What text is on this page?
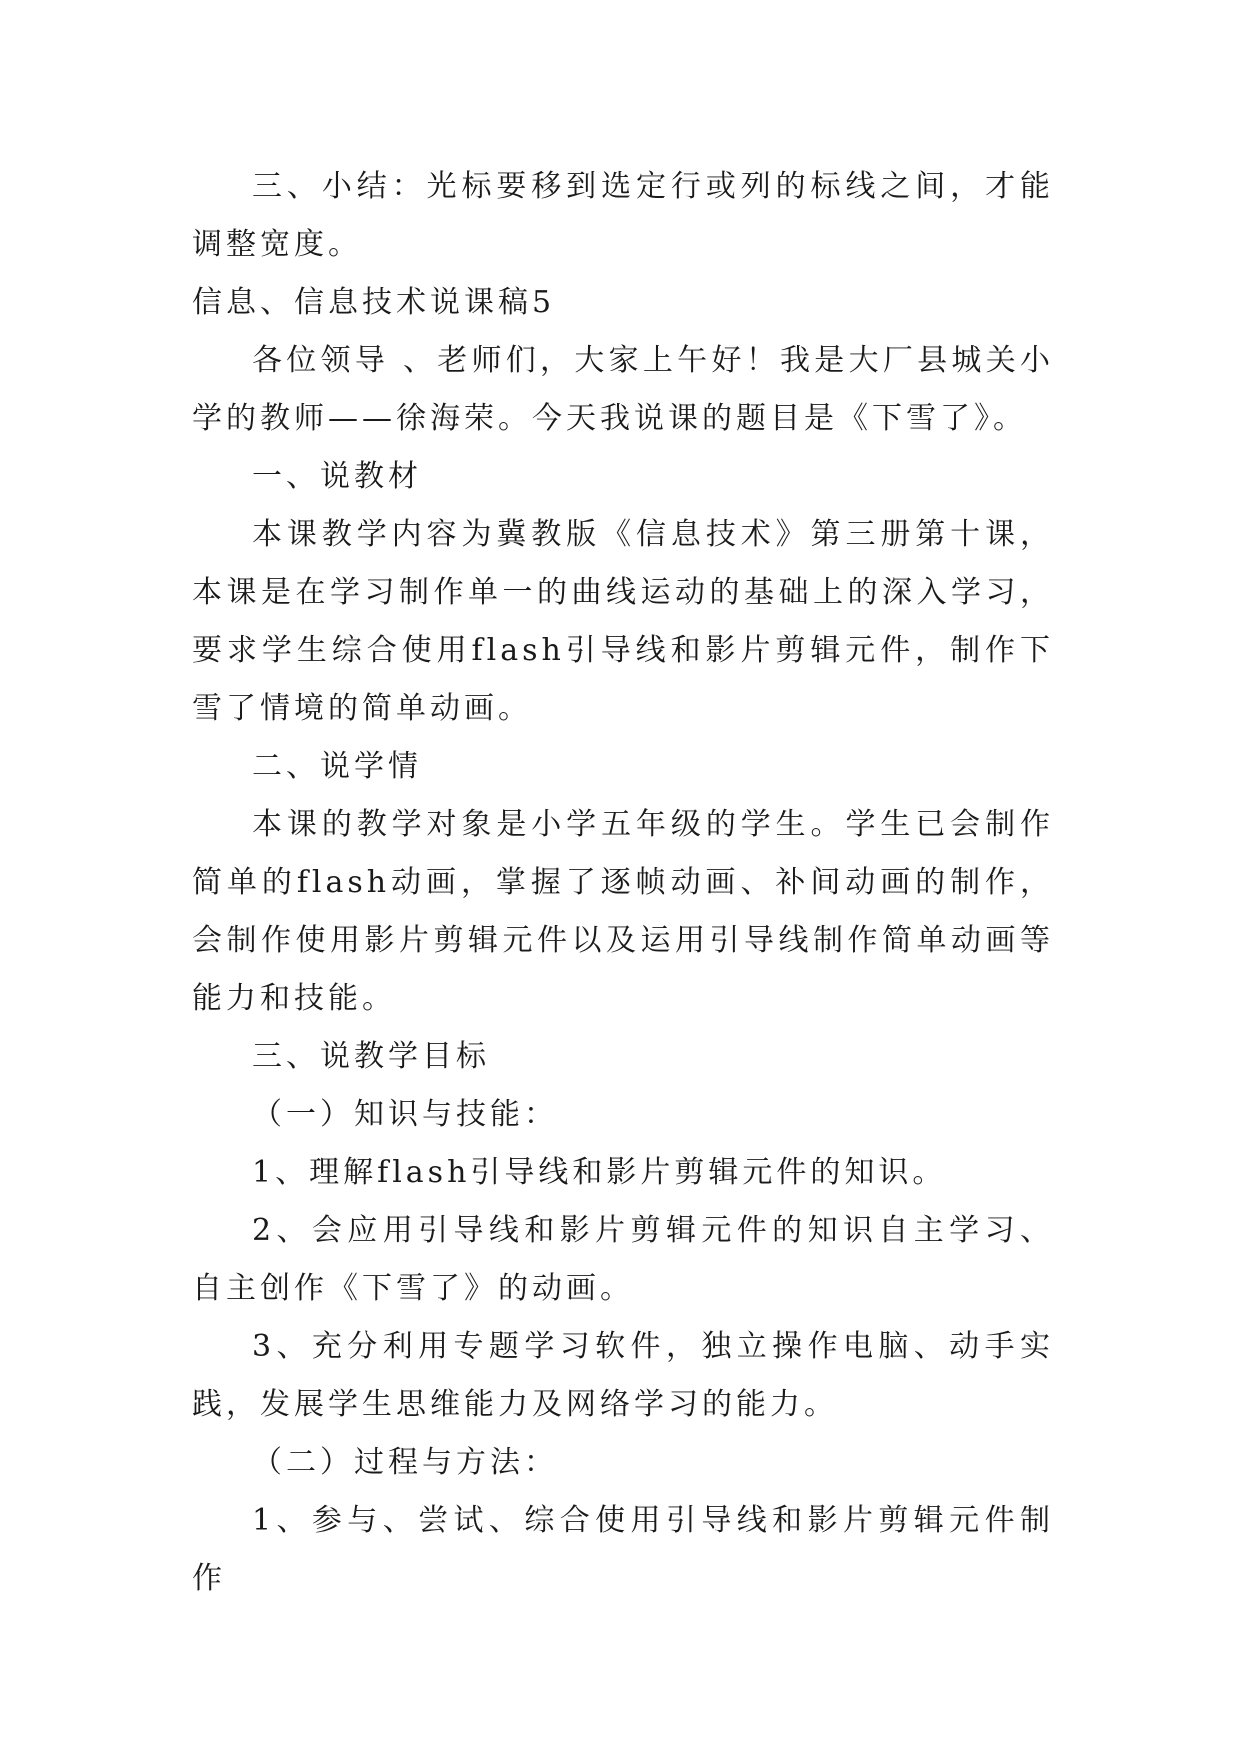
三、小结：光标要移到选定行或列的标线之间，才能调整宽度。

信息、信息技术说课稿5

各位领导 、老师们，大家上午好！我是大厂县城关小学的教师——徐海荣。今天我说课的题目是《下雪了》。

一、说教材

本课教学内容为冀教版《信息技术》第三册第十课，本课是在学习制作单一的曲线运动的基础上的深入学习，要求学生综合使用flash引导线和影片剪辑元件，制作下雪了情境的简单动画。

二、说学情

本课的教学对象是小学五年级的学生。学生已会制作简单的flash动画，掌握了逐帧动画、补间动画的制作，会制作使用影片剪辑元件以及运用引导线制作简单动画等能力和技能。

三、说教学目标

（一）知识与技能：

1、理解flash引导线和影片剪辑元件的知识。

2、会应用引导线和影片剪辑元件的知识自主学习、自主创作《下雪了》的动画。

3、充分利用专题学习软件，独立操作电脑、动手实践，发展学生思维能力及网络学习的能力。

（二）过程与方法：

1、参与、尝试、综合使用引导线和影片剪辑元件制作
